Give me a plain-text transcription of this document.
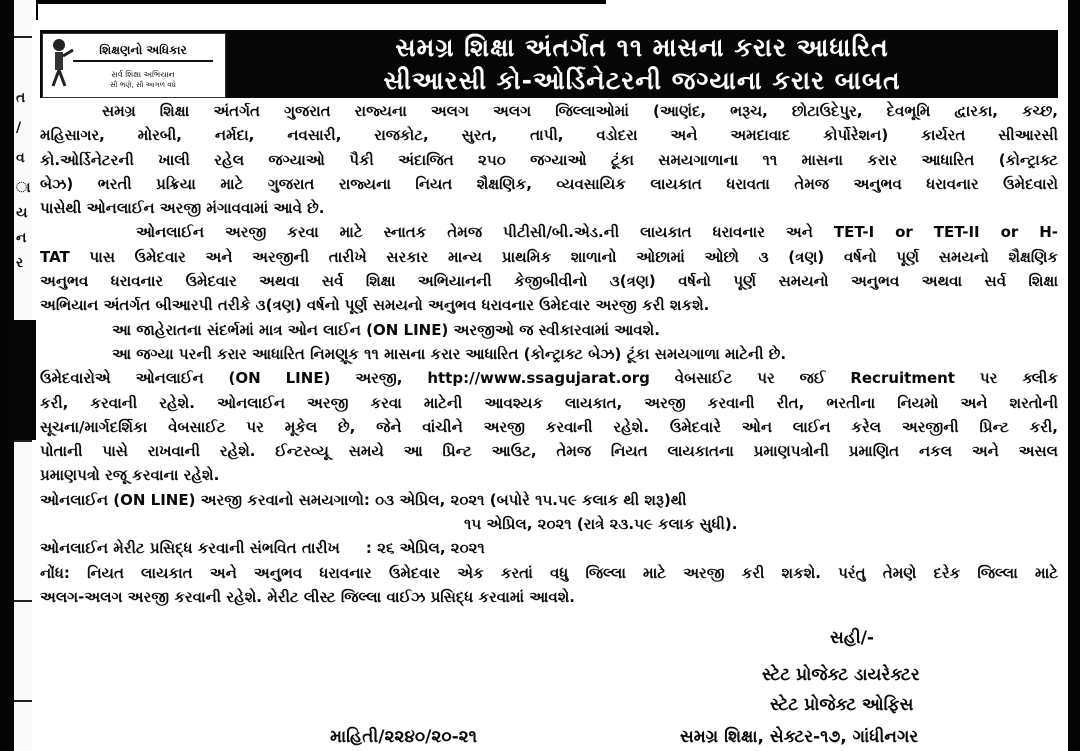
ત
/
વ
ા
ય
ન
ર
શિક્ષણનો અધિકાર
સર્વ શિક્ષા અભિયાન
સૌ ભણે, સૌ આગળ વધે
સમગ્ર શિક્ષા અંતર્ગત ૧૧ માસના કરાર આધારિત
સીઆરસી કો-ઓર્ડિનેટરની જગ્યાના કરાર બાબત
સમગ્ર શિક્ષા અંતર્ગત ગુજરાત રાજ્યના અલગ અલગ જિલ્લાઓમાં (આણંદ, ભરૂચ, છોટાઉદેપુર, દેવભૂમિ દ્વારકા, કચ્છ,
મહિસાગર, મોરબી, નર્મદા, નવસારી, રાજકોટ, સુરત, તાપી, વડોદરા અને અમદાવાદ કોર્પોરેશન) કાર્યરત સીઆરસી
કો.ઓર્ડિનેટરની ખાલી રહેલ જગ્યાઓ પૈકી અંદાજિત ૨૫૦ જગ્યાઓ ટૂંકા સમયગાળાના ૧૧ માસના કરાર આધારિત (કોન્ટ્રાક્ટ
બેઝ) ભરતી પ્રક્રિયા માટે ગુજરાત રાજ્યના નિયત શૈક્ષણિક, વ્યવસાયિક લાયકાત ધરાવતા તેમજ અનુભવ ધરાવનાર ઉમેદવારો
પાસેથી ઓનલાઈન અરજી મંગાવવામાં આવે છે.
ઓનલાઈન અરજી કરવા માટે સ્નાતક તેમજ પીટીસી/બી.એડ.ની લાયકાત ધરાવનાર અને TET-I or TET-II or H-
TAT પાસ ઉમેદવાર અને અરજીની તારીખે સરકાર માન્ય પ્રાથમિક શાળાનો ઓછામાં ઓછો ૩ (ત્રણ) વર્ષનો પૂર્ણ સમયનો શૈક્ષણિક
અનુભવ ધરાવનાર ઉમેદવાર અથવા સર્વ શિક્ષા અભિયાનની કેજીબીવીનો ૩(ત્રણ) વર્ષનો પૂર્ણ સમયનો અનુભવ અથવા સર્વ શિક્ષા
અભિયાન અંતર્ગત બીઆરપી તરીકે ૩(ત્રણ) વર્ષનો પૂર્ણ સમયનો અનુભવ ધરાવનાર ઉમેદવાર અરજી કરી શકશે.
આ જાહેરાતના સંદર્ભમાં માત્ર ઓન લાઈન (ON LINE) અરજીઓ જ સ્વીકારવામાં આવશે.
આ જગ્યા પરની કરાર આધારિત નિમણૂક ૧૧ માસના કરાર આધારિત (કોન્ટ્રાક્ટ બેઝ) ટૂંકા સમયગાળા માટેની છે.
ઉમેદવારોએ ઓનલાઈન (ON LINE) અરજી, http://www.ssagujarat.org વેબસાઈટ પર જઈ Recruitment પર ક્લીક
કરી, કરવાની રહેશે. ઓનલાઈન અરજી કરવા માટેની આવશ્યક લાયકાત, અરજી કરવાની રીત, ભરતીના નિયમો અને શરતોની
સૂચના/માર્ગદર્શિકા વેબસાઈટ પર મૂકેલ છે, જેને વાંચીને અરજી કરવાની રહેશે. ઉમેદવારે ઓન લાઈન કરેલ અરજીની પ્રિન્ટ કરી,
પોતાની પાસે રાખવાની રહેશે. ઈન્ટરવ્યૂ સમયે આ પ્રિન્ટ આઉટ, તેમજ નિયત લાયકાતના પ્રમાણપત્રોની પ્રમાણિત નકલ અને અસલ
પ્રમાણપત્રો રજૂ કરવાના રહેશે.
ઓનલાઈન (ON LINE) અરજી કરવાનો સમયગાળો: ૦૩ એપ્રિલ, ૨૦૨૧ (બપોરે ૧૫.૫૯ કલાક થી શરૂ)થી
૧૫ એપ્રિલ, ૨૦૨૧ (રાત્રે ૨૩.૫૯ કલાક સુધી).
ઓનલાઈન મેરીટ પ્રસિદ્ધ કરવાની સંભવિત તારીખ     : ૨૬ એપ્રિલ, ૨૦૨૧
નોંધ: નિયત લાયકાત અને અનુભવ ધરાવનાર ઉમેદવાર એક કરતાં વધુ જિલ્લા માટે અરજી કરી શકશે. પરંતુ તેમણે દરેક જિલ્લા માટે
અલગ-અલગ અરજી કરવાની રહેશે. મેરીટ લીસ્ટ જિલ્લા વાઈઝ પ્રસિદ્ધ કરવામાં આવશે.
સહી/-
સ્ટેટ પ્રોજેક્ટ ડાયરેક્ટર
સ્ટેટ પ્રોજેક્ટ ઓફિસ
માહિતી/૨૨૪૦/૨૦-૨૧	સમગ્ર શિક્ષા, સેક્ટર-૧૭, ગાંધીનગર
